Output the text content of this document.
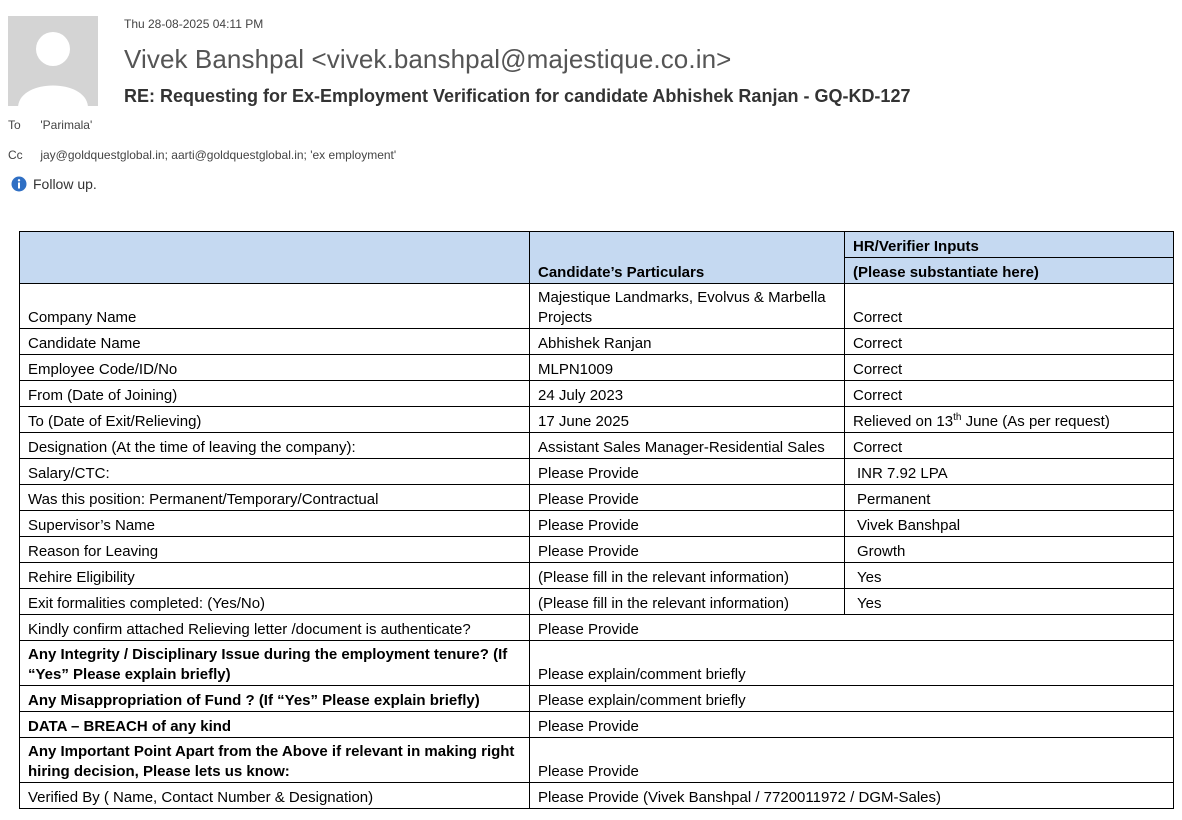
Thu 28-08-2025 04:11 PM
Vivek Banshpal <vivek.banshpal@majestique.co.in>
RE: Requesting for Ex-Employment Verification for candidate Abhishek Ranjan - GQ-KD-127
To 'Parimala'
Cc jay@goldquestglobal.in; aarti@goldquestglobal.in; 'ex employment'
Follow up.
	Candidate’s Particulars	HR/Verifier Inputs
		(Please substantiate here)
Company Name	Majestique Landmarks, Evolvus & Marbella Projects	Correct
Candidate Name	Abhishek Ranjan	Correct
Employee Code/ID/No	MLPN1009	Correct
From (Date of Joining)	24 July 2023	Correct
To (Date of Exit/Relieving)	17 June 2025	Relieved on 13th June (As per request)
Designation (At the time of leaving the company):	Assistant Sales Manager-Residential Sales	Correct
Salary/CTC:	Please Provide	INR 7.92 LPA
Was this position: Permanent/Temporary/Contractual	Please Provide	Permanent
Supervisor’s Name	Please Provide	Vivek Banshpal
Reason for Leaving	Please Provide	Growth
Rehire Eligibility	(Please fill in the relevant information)	Yes
Exit formalities completed: (Yes/No)	(Please fill in the relevant information)	Yes
Kindly confirm attached Relieving letter /document is authenticate?	Please Provide	
Any Integrity / Disciplinary Issue during the employment tenure? (If “Yes” Please explain briefly)	Please explain/comment briefly	
Any Misappropriation of Fund ? (If “Yes” Please explain briefly)	Please explain/comment briefly	
DATA – BREACH of any kind	Please Provide	
Any Important Point Apart from the Above if relevant in making right hiring decision, Please lets us know:	Please Provide	
Verified By ( Name, Contact Number & Designation)	Please Provide (Vivek Banshpal / 7720011972 / DGM-Sales)	
